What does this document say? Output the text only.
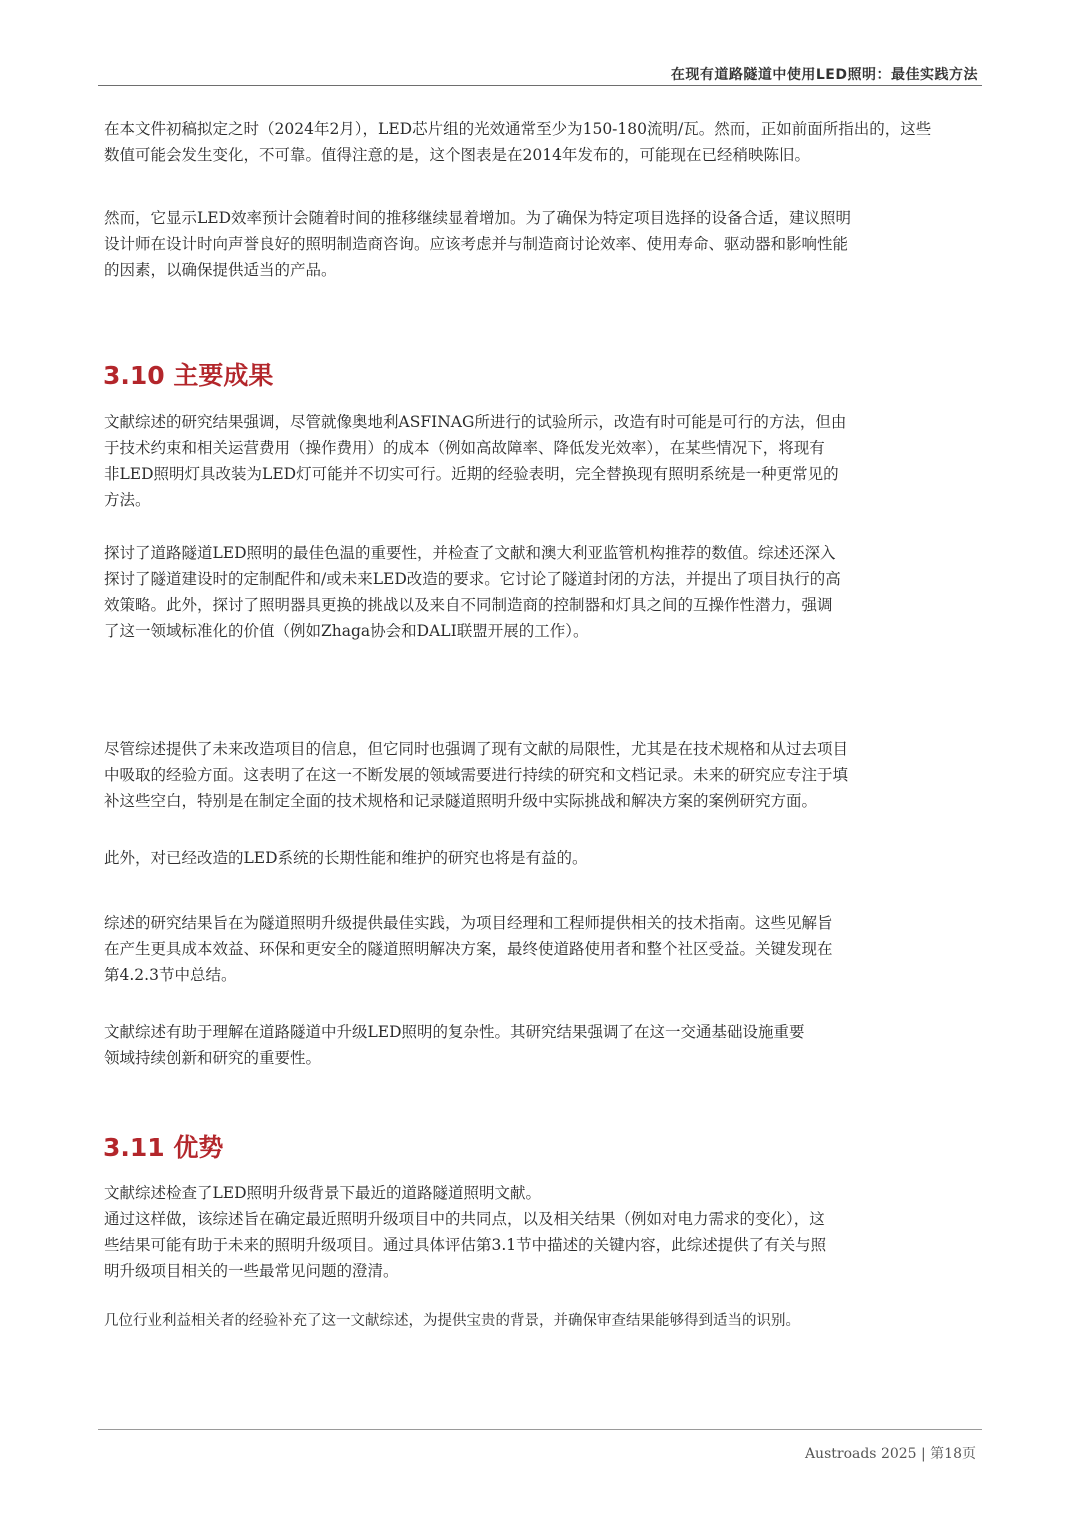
在现有道路隧道中使用LED照明：最佳实践方法
在本文件初稿拟定之时（2024年2月），LED芯片组的光效通常至少为150-180流明/瓦。然而，正如前面所指出的，这些
数值可能会发生变化，不可靠。值得注意的是，这个图表是在2014年发布的，可能现在已经稍映陈旧。
然而，它显示LED效率预计会随着时间的推移继续显着增加。为了确保为特定项目选择的设备合适，建议照明
设计师在设计时向声誉良好的照明制造商咨询。应该考虑并与制造商讨论效率、使用寿命、驱动器和影响性能
的因素，以确保提供适当的产品。
3.10 主要成果
文献综述的研究结果强调，尽管就像奥地利ASFINAG所进行的试验所示，改造有时可能是可行的方法，但由
于技术约束和相关运营费用（操作费用）的成本（例如高故障率、降低发光效率），在某些情况下，将现有
非LED照明灯具改装为LED灯可能并不切实可行。近期的经验表明，完全替换现有照明系统是一种更常见的
方法。
探讨了道路隧道LED照明的最佳色温的重要性，并检查了文献和澳大利亚监管机构推荐的数值。综述还深入
探讨了隧道建设时的定制配件和/或未来LED改造的要求。它讨论了隧道封闭的方法，并提出了项目执行的高
效策略。此外，探讨了照明器具更换的挑战以及来自不同制造商的控制器和灯具之间的互操作性潜力，强调
了这一领域标准化的价值（例如Zhaga协会和DALI联盟开展的工作）。
尽管综述提供了未来改造项目的信息，但它同时也强调了现有文献的局限性，尤其是在技术规格和从过去项目
中吸取的经验方面。这表明了在这一不断发展的领域需要进行持续的研究和文档记录。未来的研究应专注于填
补这些空白，特别是在制定全面的技术规格和记录隧道照明升级中实际挑战和解决方案的案例研究方面。
此外，对已经改造的LED系统的长期性能和维护的研究也将是有益的。
综述的研究结果旨在为隧道照明升级提供最佳实践，为项目经理和工程师提供相关的技术指南。这些见解旨
在产生更具成本效益、环保和更安全的隧道照明解决方案，最终使道路使用者和整个社区受益。关键发现在
第4.2.3节中总结。
文献综述有助于理解在道路隧道中升级LED照明的复杂性。其研究结果强调了在这一交通基础设施重要
领域持续创新和研究的重要性。
3.11 优势
文献综述检查了LED照明升级背景下最近的道路隧道照明文献。
通过这样做，该综述旨在确定最近照明升级项目中的共同点，以及相关结果（例如对电力需求的变化），这
些结果可能有助于未来的照明升级项目。通过具体评估第3.1节中描述的关键内容，此综述提供了有关与照
明升级项目相关的一些最常见问题的澄清。
几位行业利益相关者的经验补充了这一文献综述，为提供宝贵的背景，并确保审查结果能够得到适当的识别。
Austroads 2025 | 第18页
